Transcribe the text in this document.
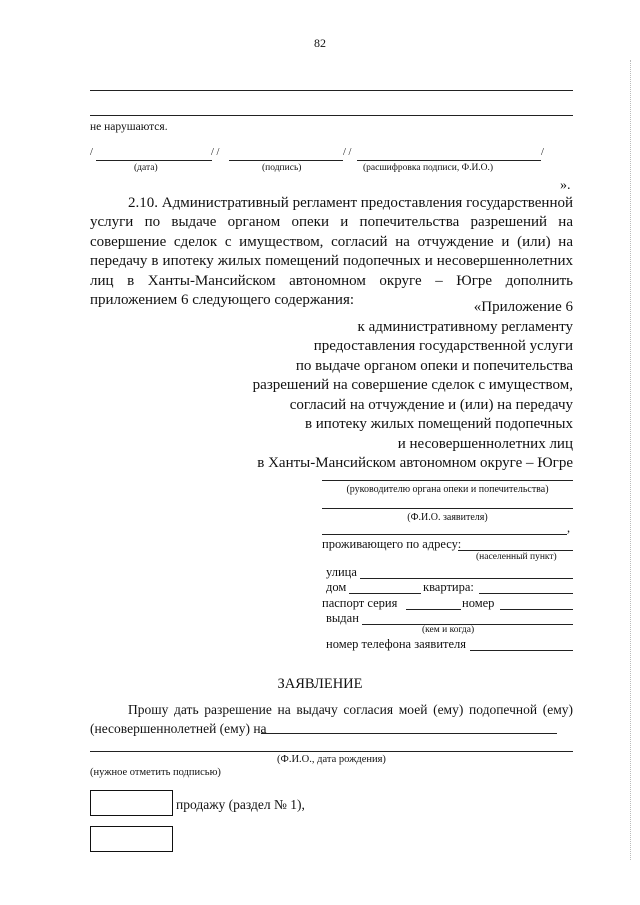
82
не нарушаются.
/	/ /	/ /	/
(дата)	(подпись)	(расшифровка подписи, Ф.И.О.)
».
2.10. Административный регламент предоставления государственной
услуги по выдаче органом опеки и попечительства разрешений на
совершение сделок с имуществом, согласий на отчуждение и (или) на
передачу в ипотеку жилых помещений подопечных и несовершеннолетних
лиц в Ханты-Мансийском автономном округе – Югре дополнить
приложением 6 следующего содержания:	«Приложение 6
к административному регламенту
предоставления государственной услуги
по выдаче органом опеки и попечительства
разрешений на совершение сделок с имуществом,
согласий на отчуждение и (или) на передачу
в ипотеку жилых помещений подопечных
и несовершеннолетних лиц
в Ханты-Мансийском автономном округе – Югре
(руководителю органа опеки и попечительства)
(Ф.И.О. заявителя)
,
проживающего по адресу:
(населенный пункт)
улица
дом	квартира:
паспорт серия	номер
выдан
(кем и когда)
номер телефона заявителя
ЗАЯВЛЕНИЕ
Прошу дать разрешение на выдачу согласия моей (ему) подопечной (ему)
(несовершеннолетней (ему) на
(Ф.И.О., дата рождения)
(нужное отметить подписью)
продажу (раздел № 1),
